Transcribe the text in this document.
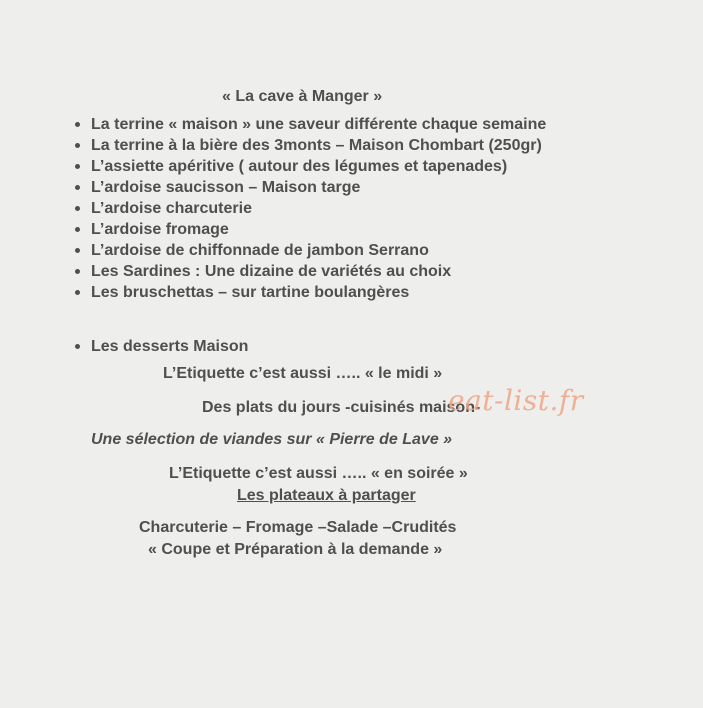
« La cave à Manger »
La terrine « maison » une saveur différente chaque semaine
La terrine à la bière des 3monts – Maison Chombart (250gr)
L’assiette apéritive ( autour des légumes et tapenades)
L’ardoise saucisson – Maison targe
L’ardoise charcuterie
L’ardoise fromage
L’ardoise de chiffonnade de jambon Serrano
Les Sardines : Une dizaine de variétés au choix
Les bruschettas – sur tartine boulangères
Les desserts Maison
L’Etiquette c’est aussi ….. « le midi »
Des plats du jours -cuisinés maison-
eat-list.fr
Une sélection de viandes sur « Pierre de Lave »
L’Etiquette c’est aussi ….. « en soirée »
Les plateaux à partager
Charcuterie – Fromage –Salade –Crudités
« Coupe et Préparation à la demande »
